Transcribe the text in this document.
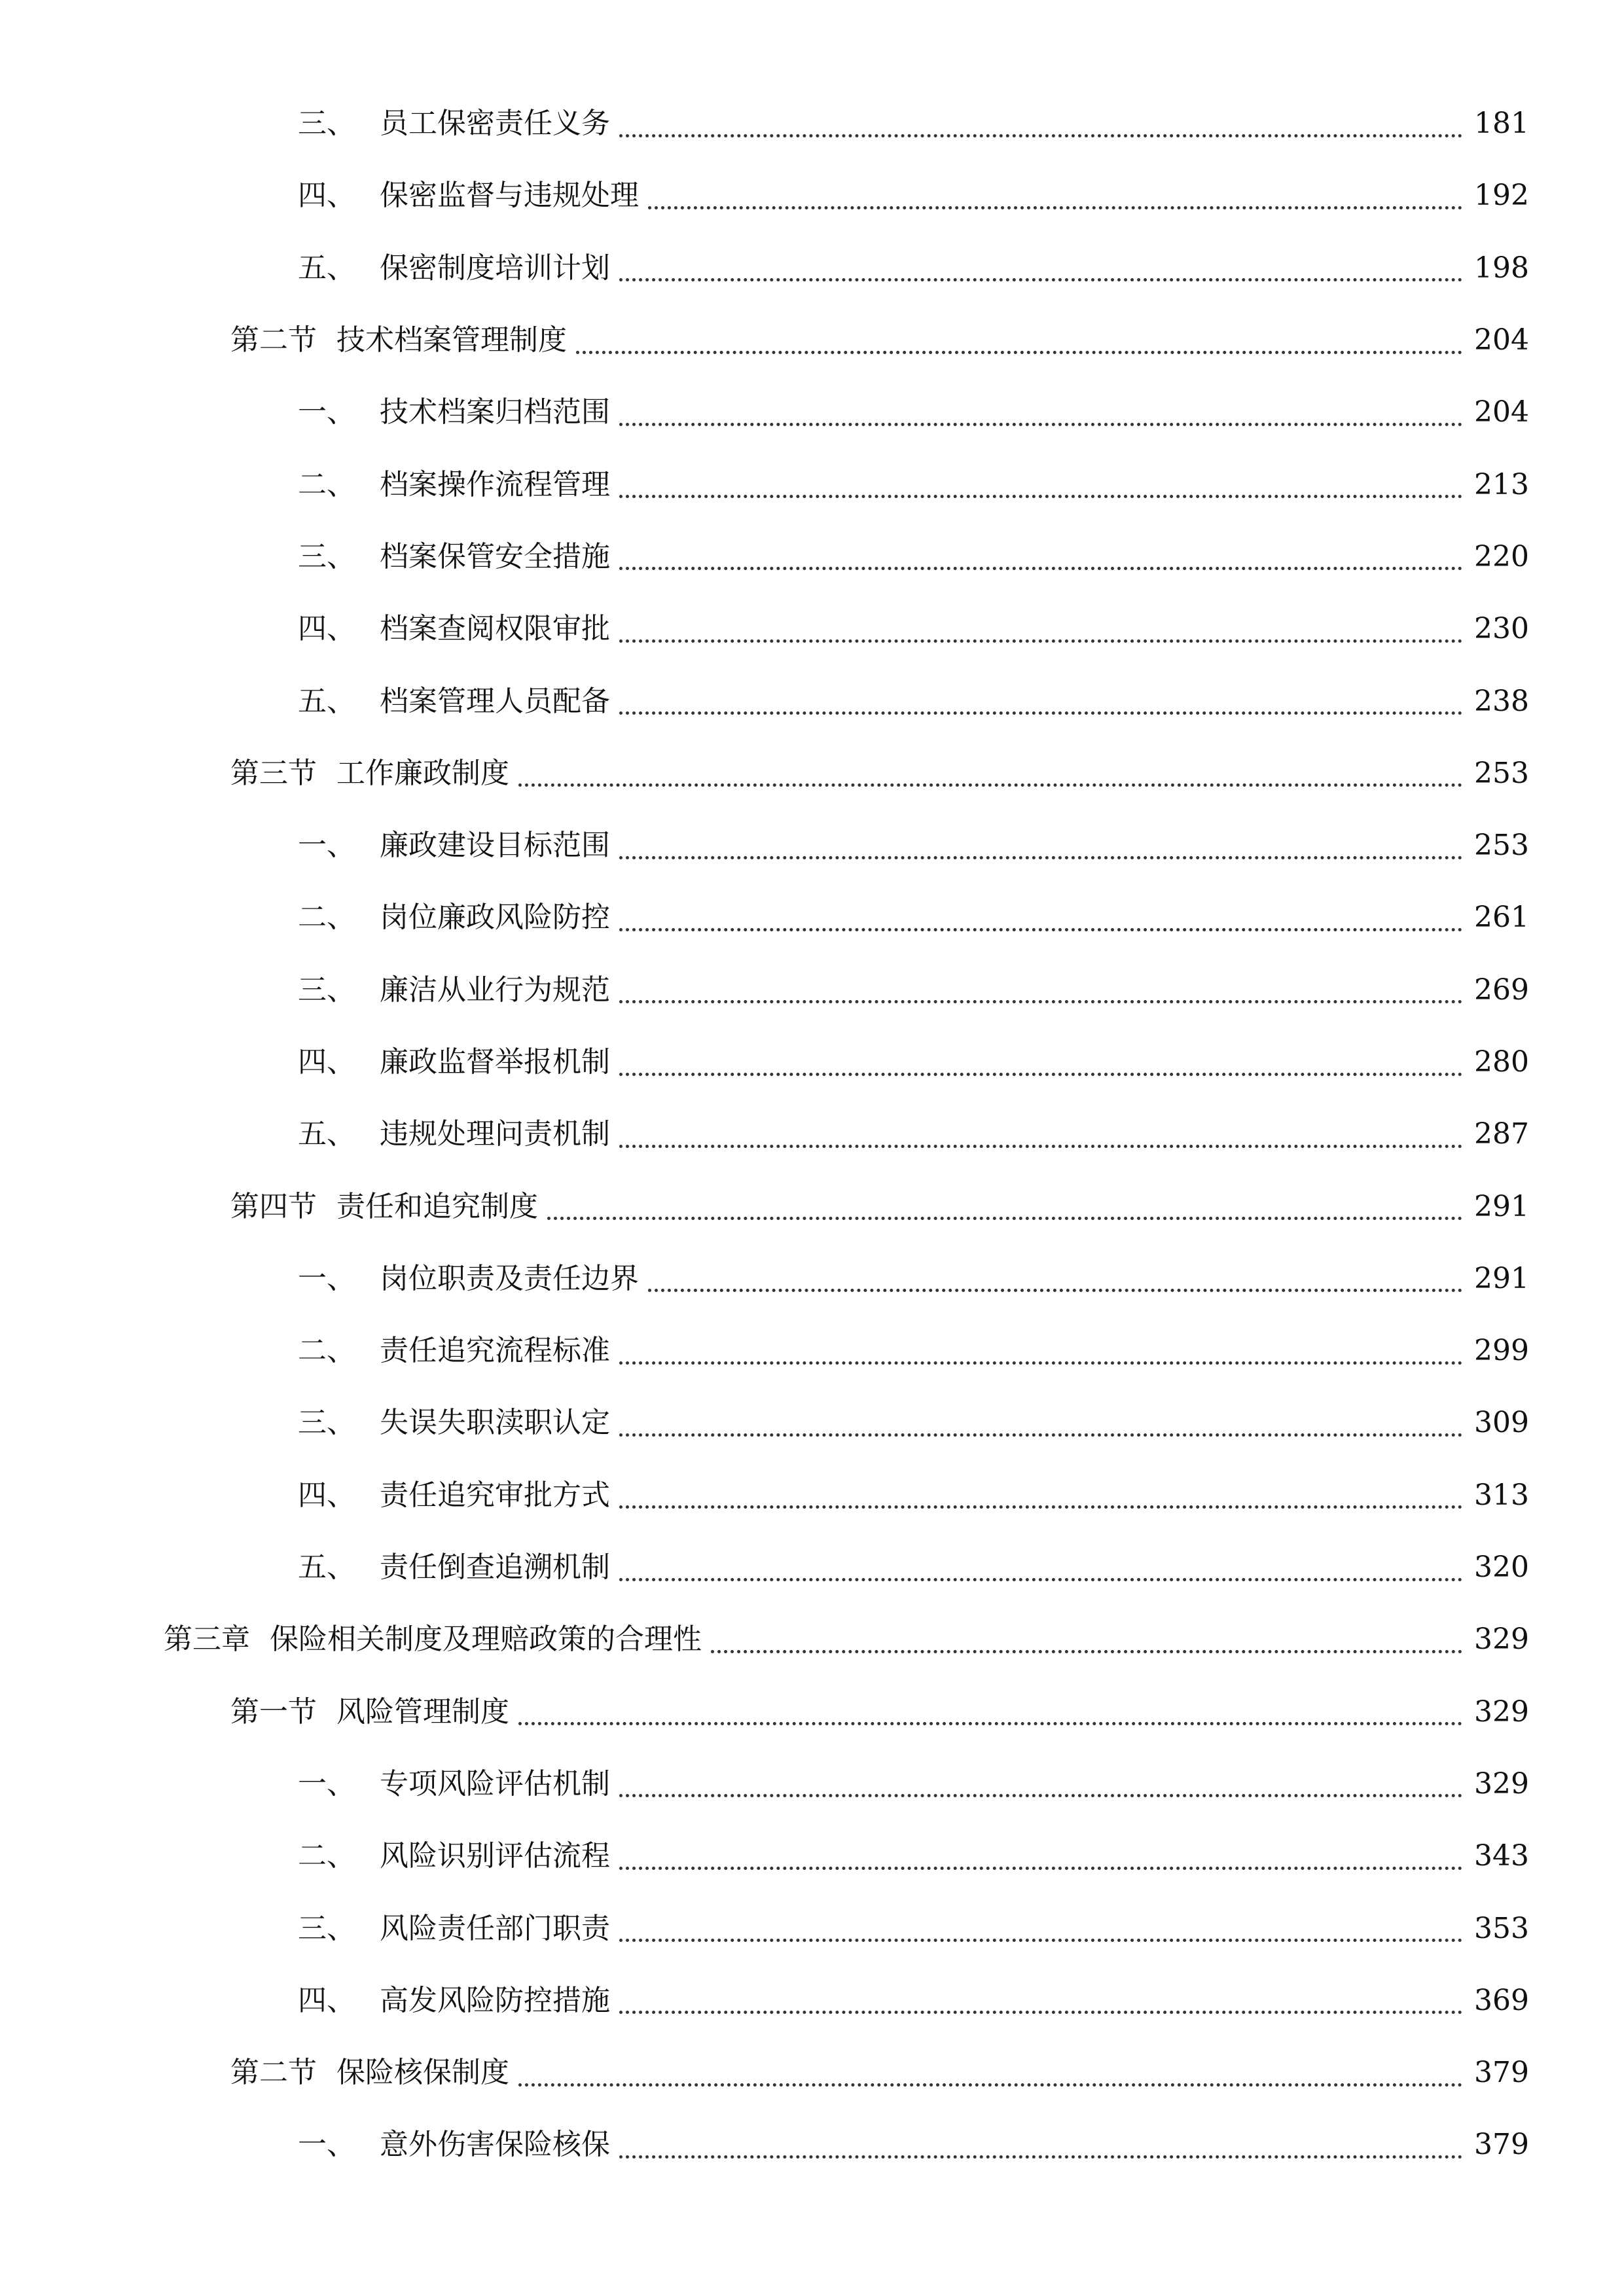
三、 员工保密责任义务	181
四、 保密监督与违规处理	192
五、 保密制度培训计划	198
第二节 技术档案管理制度	204
一、 技术档案归档范围	204
二、 档案操作流程管理	213
三、 档案保管安全措施	220
四、 档案查阅权限审批	230
五、 档案管理人员配备	238
第三节 工作廉政制度	253
一、 廉政建设目标范围	253
二、 岗位廉政风险防控	261
三、 廉洁从业行为规范	269
四、 廉政监督举报机制	280
五、 违规处理问责机制	287
第四节 责任和追究制度	291
一、 岗位职责及责任边界	291
二、 责任追究流程标准	299
三、 失误失职渎职认定	309
四、 责任追究审批方式	313
五、 责任倒查追溯机制	320
第三章 保险相关制度及理赔政策的合理性	329
第一节 风险管理制度	329
一、 专项风险评估机制	329
二、 风险识别评估流程	343
三、 风险责任部门职责	353
四、 高发风险防控措施	369
第二节 保险核保制度	379
一、 意外伤害保险核保	379
